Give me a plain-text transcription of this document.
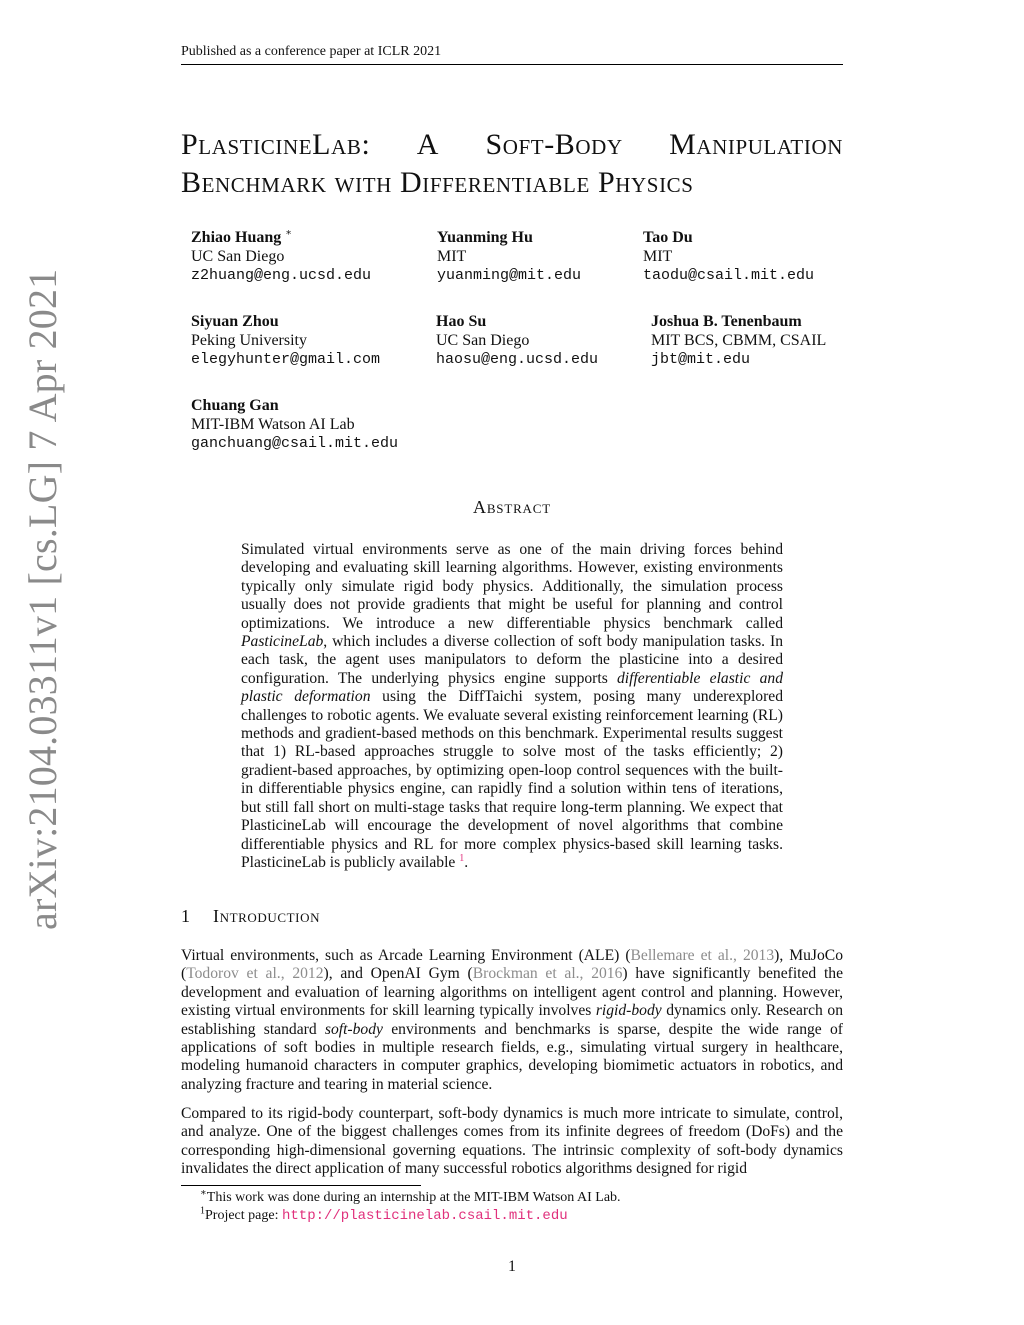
Published as a conference paper at ICLR 2021
arXiv:2104.03311v1 [cs.LG] 7 Apr 2021
PlasticineLab: A Soft-Body Manipulation
Benchmark with Differentiable Physics
Zhiao Huang ∗
UC San Diego
z2huang@eng.ucsd.edu
Yuanming Hu
MIT
yuanming@mit.edu
Tao Du
MIT
taodu@csail.mit.edu
Siyuan Zhou
Peking University
elegyhunter@gmail.com
Hao Su
UC San Diego
haosu@eng.ucsd.edu
Joshua B. Tenenbaum
MIT BCS, CBMM, CSAIL
jbt@mit.edu
Chuang Gan
MIT-IBM Watson AI Lab
ganchuang@csail.mit.edu
Abstract
Simulated virtual environments serve as one of the main driving forces behind developing and evaluating skill learning algorithms. However, existing environments typically only simulate rigid body physics. Additionally, the simulation process usually does not provide gradients that might be useful for planning and control optimizations. We introduce a new differentiable physics benchmark called PasticineLab, which includes a diverse collection of soft body manipulation tasks. In each task, the agent uses manipulators to deform the plasticine into a desired configuration. The underlying physics engine supports differentiable elastic and plastic deformation using the DiffTaichi system, posing many underexplored challenges to robotic agents. We evaluate several existing reinforcement learning (RL) methods and gradient-based methods on this benchmark. Experimental results suggest that 1) RL-based approaches struggle to solve most of the tasks efficiently; 2) gradient-based approaches, by optimizing open-loop control sequences with the built-in differentiable physics engine, can rapidly find a solution within tens of iterations, but still fall short on multi-stage tasks that require long-term planning. We expect that PlasticineLab will encourage the development of novel algorithms that combine differentiable physics and RL for more complex physics-based skill learning tasks. PlasticineLab is publicly available $^1$.
1 Introduction
Virtual environments, such as Arcade Learning Environment (ALE) (Bellemare et al., 2013), MuJoCo (Todorov et al., 2012), and OpenAI Gym (Brockman et al., 2016) have significantly benefited the development and evaluation of learning algorithms on intelligent agent control and planning. However, existing virtual environments for skill learning typically involves rigid-body dynamics only. Research on establishing standard soft-body environments and benchmarks is sparse, despite the wide range of applications of soft bodies in multiple research fields, e.g., simulating virtual surgery in healthcare, modeling humanoid characters in computer graphics, developing biomimetic actuators in robotics, and analyzing fracture and tearing in material science.
Compared to its rigid-body counterpart, soft-body dynamics is much more intricate to simulate, control, and analyze. One of the biggest challenges comes from its infinite degrees of freedom (DoFs) and the corresponding high-dimensional governing equations. The intrinsic complexity of soft-body dynamics invalidates the direct application of many successful robotics algorithms designed for rigid
∗This work was done during an internship at the MIT-IBM Watson AI Lab.
$^1$Project page: http://plasticinelab.csail.mit.edu
1
